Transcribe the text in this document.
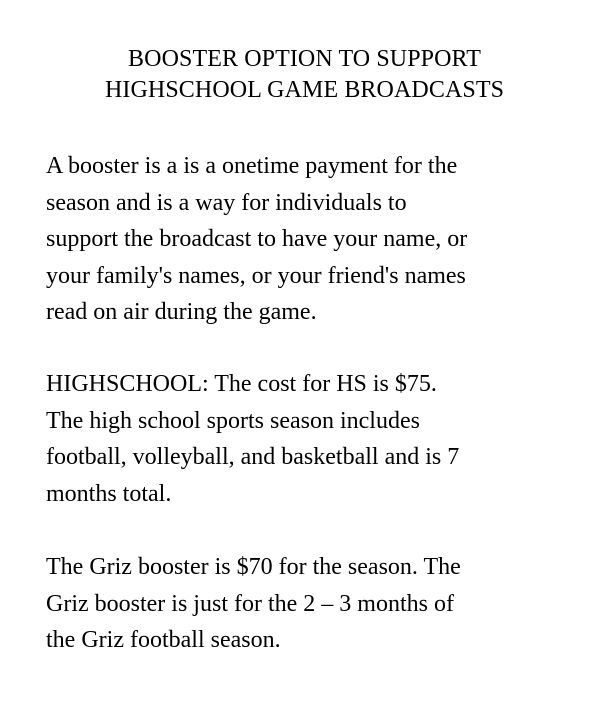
BOOSTER OPTION TO SUPPORT
HIGHSCHOOL GAME BROADCASTS

A booster is a is a onetime payment for the
season and is a way for individuals to
support the broadcast to have your name, or
your family's names, or your friend's names
read on air during the game.

HIGHSCHOOL: The cost for HS is $75.
The high school sports season includes
football, volleyball, and basketball and is 7
months total.

The Griz booster is $70 for the season. The
Griz booster is just for the 2 – 3 months of
the Griz football season.
